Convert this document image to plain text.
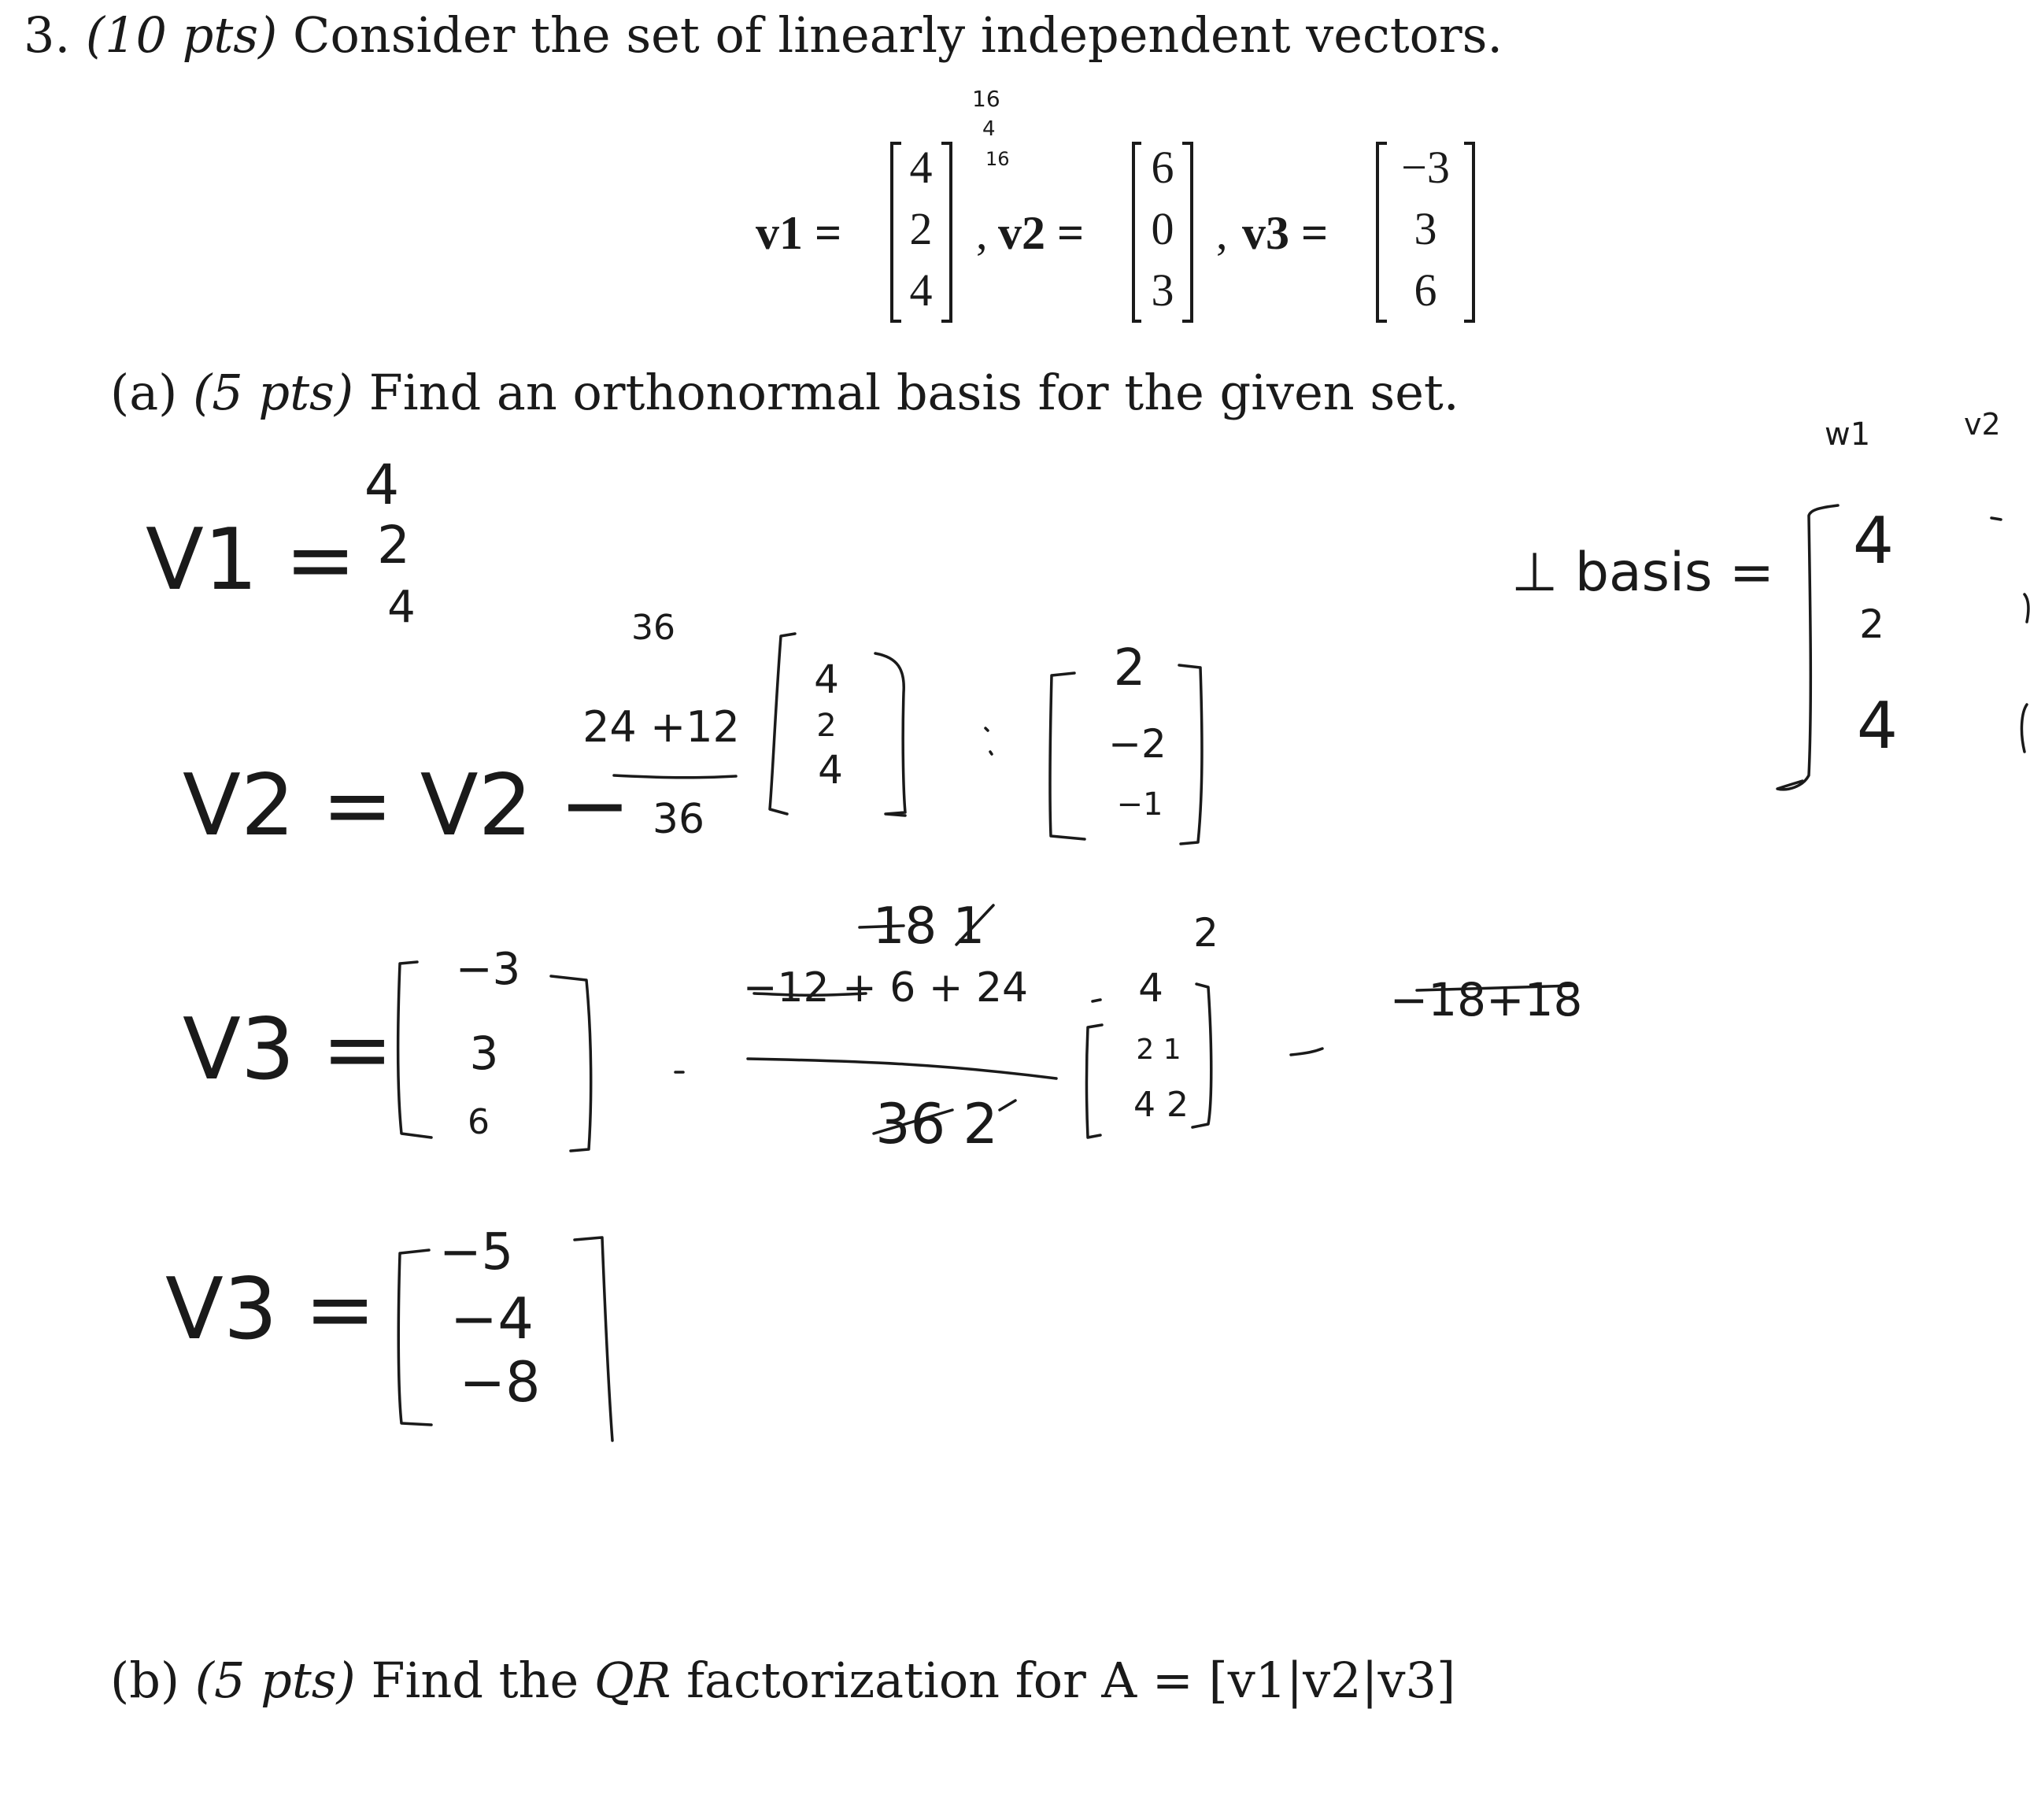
3. (10 pts) Consider the set of linearly independent vectors.
(a) (5 pts) Find an orthonormal basis for the given set.
(b) (5 pts) Find the QR factorization for A = [v1|v2|v3]
v1 =
4
2
4
, v2 =
6
0
3
, v3 =
−3
3
6
16
4
16
V1 =
4
2
4
V2 = V2 −
36
24 +12
36
4
2
4
2
−2
−1
V3 =
−3
3
6
18 1
−12 + 6 + 24
36 2
2
4
2 1
4 2
−18+18
V3 =
−5
−4
−8
⊥ basis =
w1	v2
4
2
4
